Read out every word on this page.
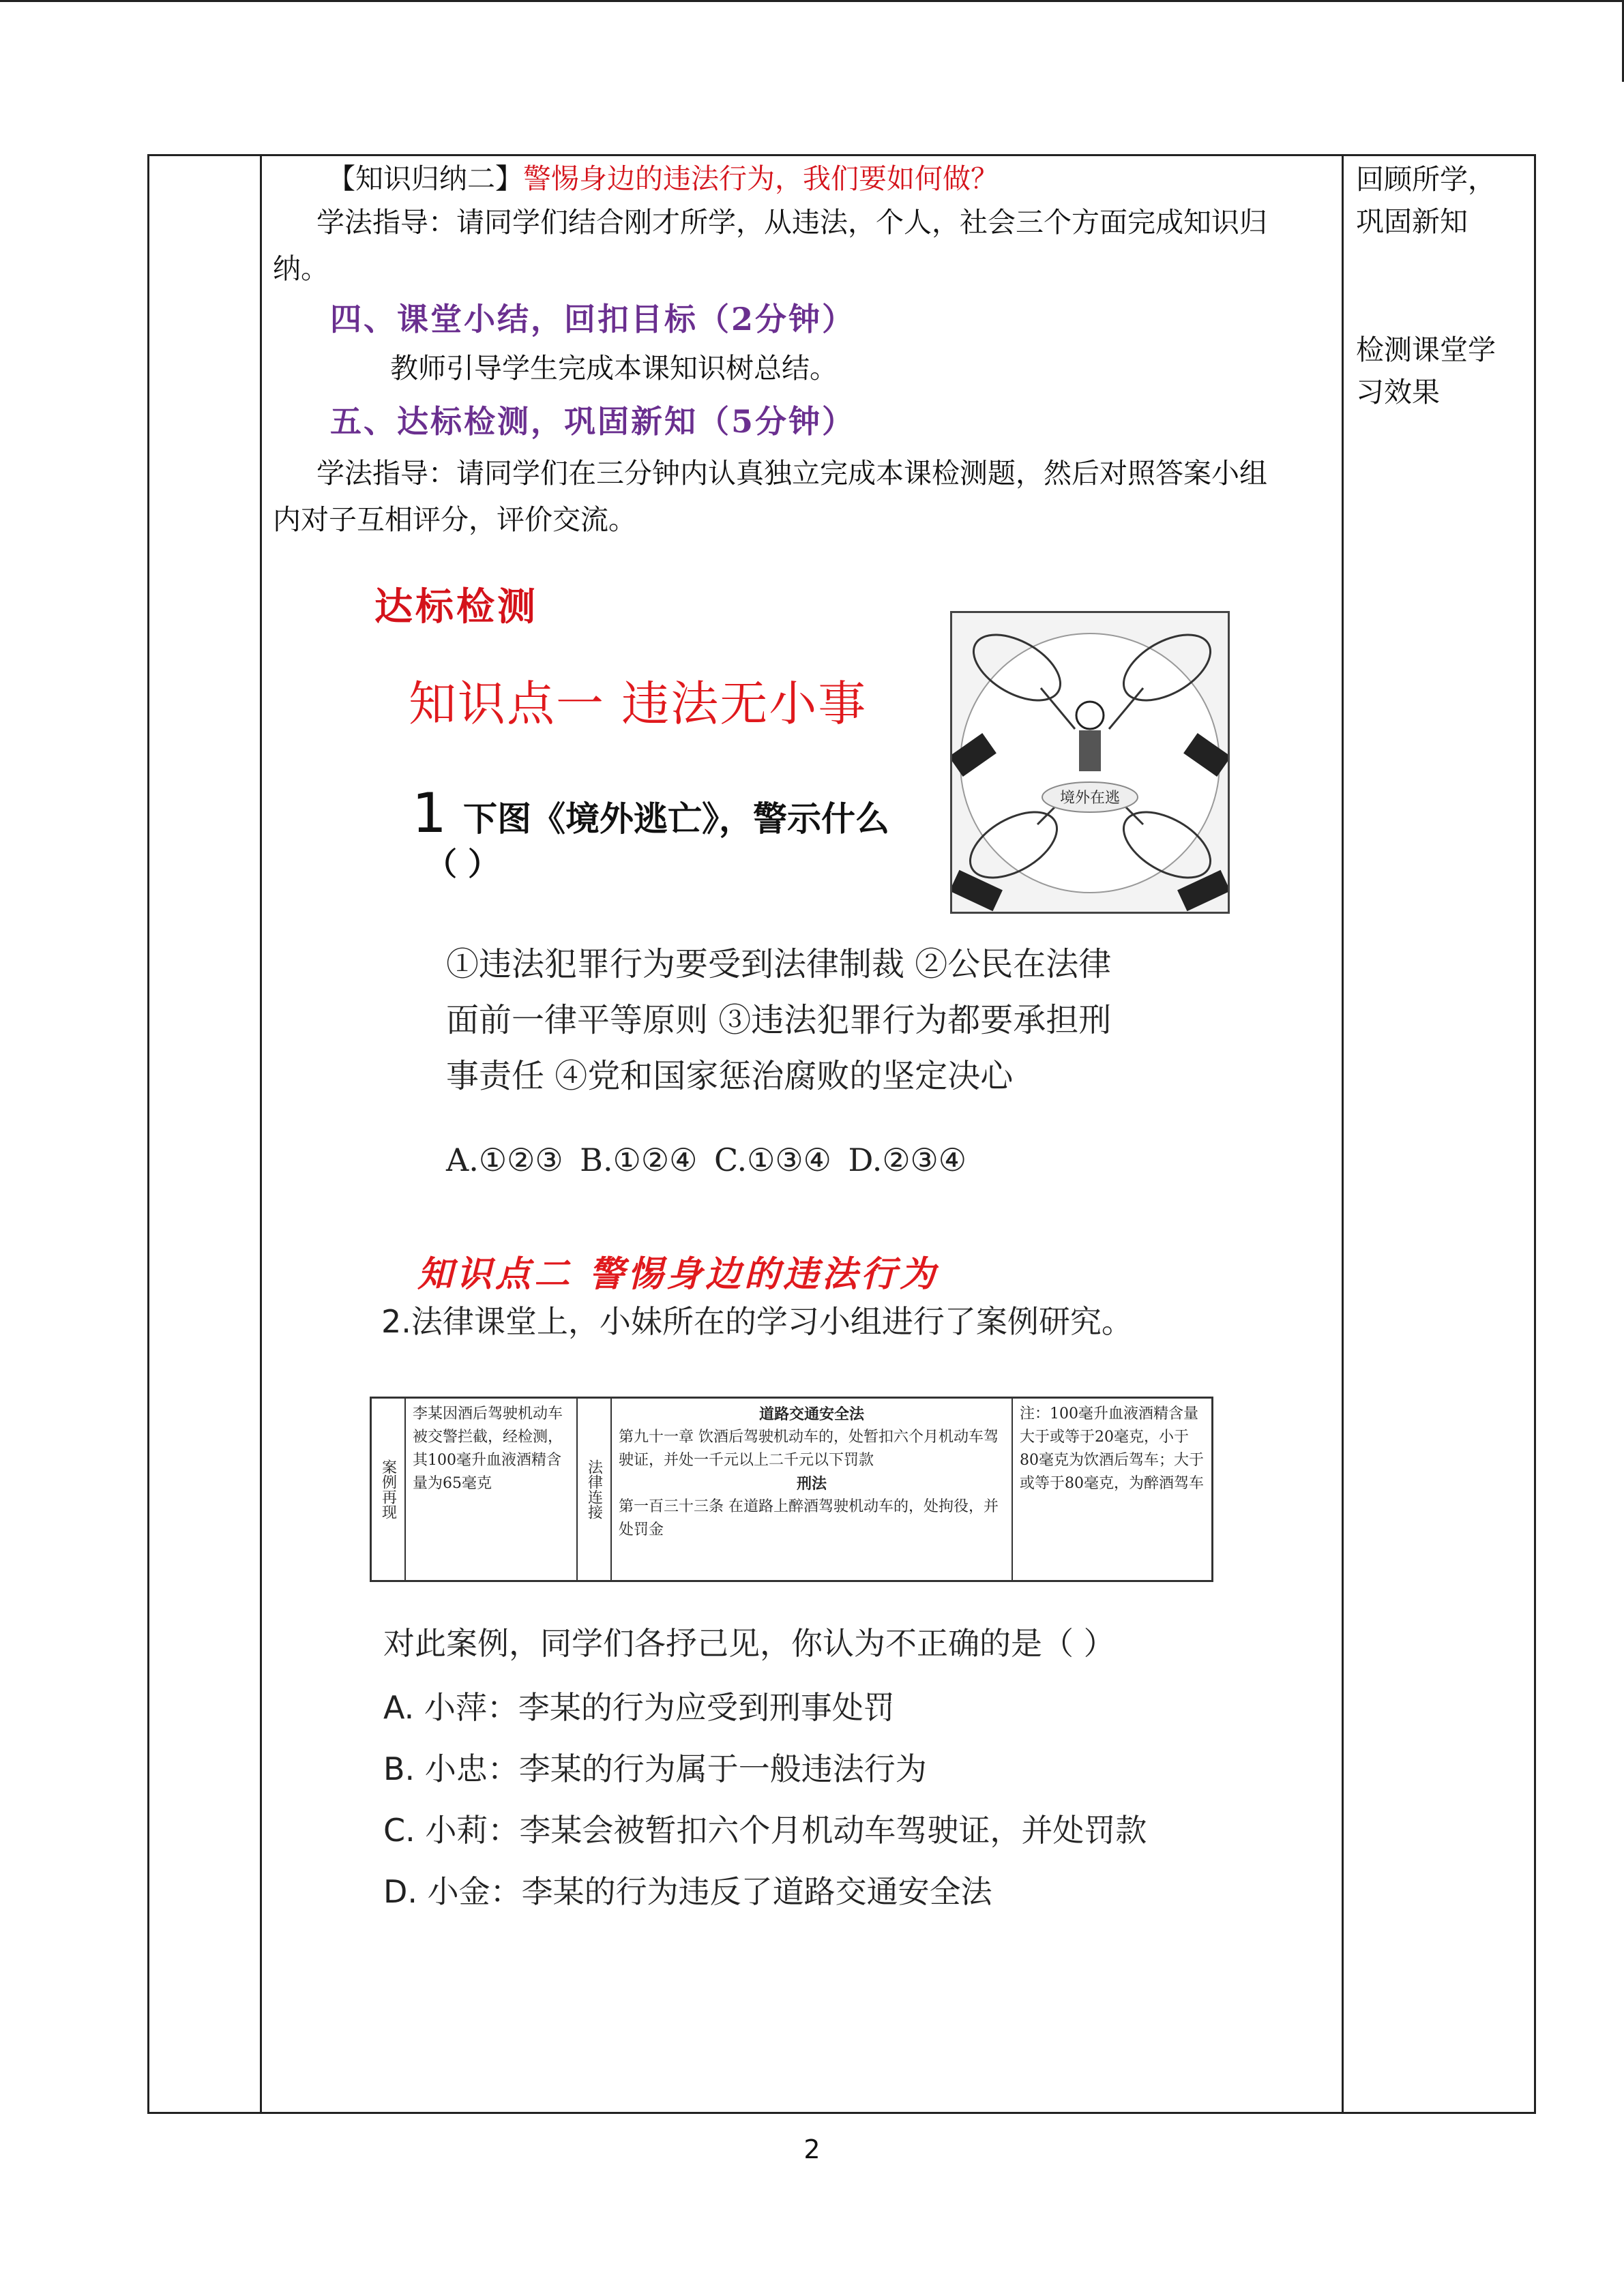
【知识归纳二】警惕身边的违法行为，我们要如何做？
学法指导：请同学们结合刚才所学，从违法，个人，社会三个方面完成知识归
纳。
四、课堂小结，回扣目标（2分钟）
教师引导学生完成本课知识树总结。
五、达标检测，巩固新知（5分钟）
学法指导：请同学们在三分钟内认真独立完成本课检测题，然后对照答案小组
内对子互相评分，评价交流。
达标检测
知识点一 违法无小事
1 下图《境外逃亡》，警示什么
（ ）
境外在逃
①违法犯罪行为要受到法律制裁 ②公民在法律
面前一律平等原则 ③违法犯罪行为都要承担刑
事责任 ④党和国家惩治腐败的坚定决心
A.①②③ B.①②④ C.①③④ D.②③④
知识点二 警惕身边的违法行为
2.法律课堂上，小妹所在的学习小组进行了案例研究。
案例再现
李某因酒后驾驶机动车被交警拦截，经检测，其100毫升血液酒精含量为65毫克	法律连接
道路交通安全法
第九十一章 饮酒后驾驶机动车的，处暂扣六个月机动车驾驶证，并处一千元以上二千元以下罚款
刑法
第一百三十三条 在道路上醉酒驾驶机动车的，处拘役，并处罚金
注：100毫升血液酒精含量大于或等于20毫克，小于80毫克为饮酒后驾车；大于或等于80毫克，为醉酒驾车
对此案例，同学们各抒己见，你认为不正确的是（ ）
A. 小萍：李某的行为应受到刑事处罚
B. 小忠：李某的行为属于一般违法行为
C. 小莉：李某会被暂扣六个月机动车驾驶证，并处罚款
D. 小金：李某的行为违反了道路交通安全法
回顾所学，
巩固新知
检测课堂学
习效果
2
